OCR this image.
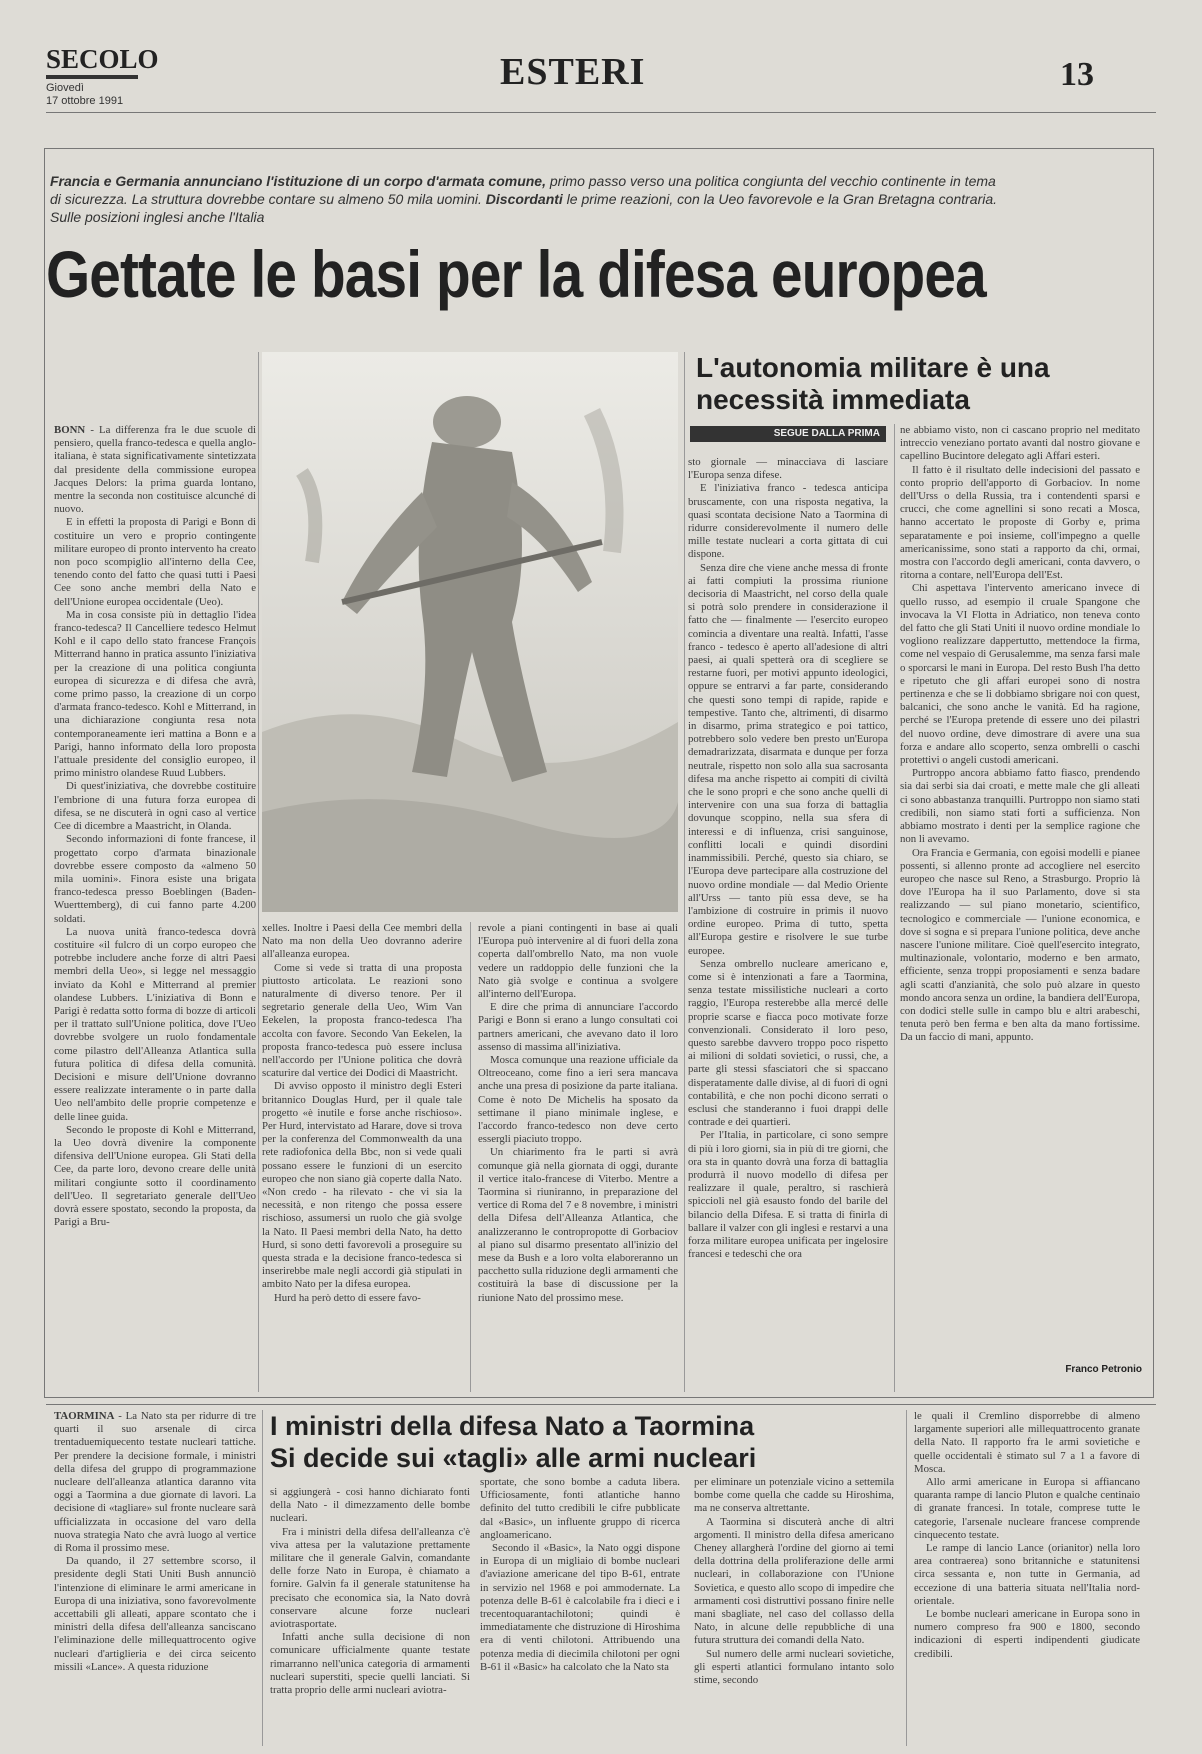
SECOLO
Giovedì
17 ottobre 1991
ESTERI	13
Francia e Germania annunciano l'istituzione di un corpo d'armata comune, primo passo verso una politica congiunta del vecchio continente in tema di sicurezza. La struttura dovrebbe contare su almeno 50 mila uomini. Discordanti le prime reazioni, con la Ueo favorevole e la Gran Bretagna contraria. Sulle posizioni inglesi anche l'Italia
Gettate le basi per la difesa europea

BONN - La differenza fra le due scuole di pensiero, quella franco-tedesca e quella anglo-italiana, è stata significativamente sintetizzata dal presidente della commissione europea Jacques Delors: la prima guarda lontano, mentre la seconda non costituisce alcunché di nuovo.

E in effetti la proposta di Parigi e Bonn di costituire un vero e proprio contingente militare europeo di pronto intervento ha creato non poco scompiglio all'interno della Cee, tenendo conto del fatto che quasi tutti i Paesi Cee sono anche membri della Nato e dell'Unione europea occidentale (Ueo).

Ma in cosa consiste più in dettaglio l'idea franco-tedesca? Il Cancelliere tedesco Helmut Kohl e il capo dello stato francese François Mitterrand hanno in pratica assunto l'iniziativa per la creazione di una politica congiunta europea di sicurezza e di difesa che avrà, come primo passo, la creazione di un corpo d'armata franco-tedesco. Kohl e Mitterrand, in una dichiarazione congiunta resa nota contemporaneamente ieri mattina a Bonn e a Parigi, hanno informato della loro proposta l'attuale presidente del consiglio europeo, il primo ministro olandese Ruud Lubbers.

Di quest'iniziativa, che dovrebbe costituire l'embrione di una futura forza europea di difesa, se ne discuterà in ogni caso al vertice Cee di dicembre a Maastricht, in Olanda.

Secondo informazioni di fonte francese, il progettato corpo d'armata binazionale dovrebbe essere composto da «almeno 50 mila uomini». Finora esiste una brigata franco-tedesca presso Boeblingen (Baden-Wuerttemberg), di cui fanno parte 4.200 soldati.

La nuova unità franco-tedesca dovrà costituire «il fulcro di un corpo europeo che potrebbe includere anche forze di altri Paesi membri della Ueo», si legge nel messaggio inviato da Kohl e Mitterrand al premier olandese Lubbers. L'iniziativa di Bonn e Parigi è redatta sotto forma di bozze di articoli per il trattato sull'Unione politica, dove l'Ueo dovrebbe svolgere un ruolo fondamentale come pilastro dell'Alleanza Atlantica sulla futura politica di difesa della comunità. Decisioni e misure dell'Unione dovranno essere realizzate interamente o in parte dalla Ueo nell'ambito delle proprie competenze e delle linee guida.

Secondo le proposte di Kohl e Mitterrand, la Ueo dovrà divenire la componente difensiva dell'Unione europea. Gli Stati della Cee, da parte loro, devono creare delle unità militari congiunte sotto il coordinamento dell'Ueo. Il segretariato generale dell'Ueo dovrà essere spostato, secondo la proposta, da Parigi a Bru-

xelles. Inoltre i Paesi della Cee membri della Nato ma non della Ueo dovranno aderire all'alleanza europea.

Come si vede si tratta di una proposta piuttosto articolata. Le reazioni sono naturalmente di diverso tenore. Per il segretario generale della Ueo, Wim Van Eekelen, la proposta franco-tedesca l'ha accolta con favore. Secondo Van Eekelen, la proposta franco-tedesca può essere inclusa nell'accordo per l'Unione politica che dovrà scaturire dal vertice dei Dodici di Maastricht.

Di avviso opposto il ministro degli Esteri britannico Douglas Hurd, per il quale tale progetto «è inutile e forse anche rischioso». Per Hurd, intervistato ad Harare, dove si trova per la conferenza del Commonwealth da una rete radiofonica della Bbc, non si vede quali possano essere le funzioni di un esercito europeo che non siano già coperte dalla Nato. «Non credo - ha rilevato - che vi sia la necessità, e non ritengo che possa essere rischioso, assumersi un ruolo che già svolge la Nato. Il Paesi membri della Nato, ha detto Hurd, si sono detti favorevoli a proseguire su questa strada e la decisione franco-tedesca si inserirebbe male negli accordi già stipulati in ambito Nato per la difesa europea.

Hurd ha però detto di essere favo-

revole a piani contingenti in base ai quali l'Europa può intervenire al di fuori della zona coperta dall'ombrello Nato, ma non vuole vedere un raddoppio delle funzioni che la Nato già svolge e continua a svolgere all'interno dell'Europa.

E dire che prima di annunciare l'accordo Parigi e Bonn si erano a lungo consultati coi partners americani, che avevano dato il loro assenso di massima all'iniziativa.

Mosca comunque una reazione ufficiale da Oltreoceano, come fino a ieri sera mancava anche una presa di posizione da parte italiana. Come è noto De Michelis ha sposato da settimane il piano minimale inglese, e l'accordo franco-tedesco non deve certo essergli piaciuto troppo.

Un chiarimento fra le parti si avrà comunque già nella giornata di oggi, durante il vertice italo-francese di Viterbo. Mentre a Taormina si riuniranno, in preparazione del vertice di Roma del 7 e 8 novembre, i ministri della Difesa dell'Alleanza Atlantica, che analizzeranno le contropropotte di Gorbaciov al piano sul disarmo presentato all'inizio del mese da Bush e a loro volta elaboreranno un pacchetto sulla riduzione degli armamenti che costituirà la base di discussione per la riunione Nato del prossimo mese.

L'autonomia militare è una necessità immediata
SEGUE DALLA PRIMA

sto giornale — minacciava di lasciare l'Europa senza difese.

E l'iniziativa franco - tedesca anticipa bruscamente, con una risposta negativa, la quasi scontata decisione Nato a Taormina di ridurre considerevolmente il numero delle mille testate nucleari a corta gittata di cui dispone.

Senza dire che viene anche messa di fronte ai fatti compiuti la prossima riunione decisoria di Maastricht, nel corso della quale si potrà solo prendere in considerazione il fatto che — finalmente — l'esercito europeo comincia a diventare una realtà. Infatti, l'asse franco - tedesco è aperto all'adesione di altri paesi, ai quali spetterà ora di scegliere se restarne fuori, per motivi appunto ideologici, oppure se entrarvi a far parte, considerando che questi sono tempi di rapide, rapide e tempestive. Tanto che, altrimenti, di disarmo in disarmo, prima strategico e poi tattico, potrebbero solo vedere ben presto un'Europa demadrarizzata, disarmata e dunque per forza neutrale, rispetto non solo alla sua sacrosanta difesa ma anche rispetto ai compiti di civiltà che le sono propri e che sono anche quelli di intervenire con una sua forza di battaglia dovunque scoppino, nella sua sfera di interessi e di influenza, crisi sanguinose, conflitti locali e quindi disordini inammissibili. Perché, questo sia chiaro, se l'Europa deve partecipare alla costruzione del nuovo ordine mondiale — dal Medio Oriente all'Urss — tanto più essa deve, se ha l'ambizione di costruire in primis il nuovo ordine europeo. Prima di tutto, spetta all'Europa gestire e risolvere le sue turbe europee.

Senza ombrello nucleare americano e, come si è intenzionati a fare a Taormina, senza testate missilistiche nucleari a corto raggio, l'Europa resterebbe alla mercé delle proprie scarse e fiacca poco motivate forze convenzionali. Considerato il loro peso, questo sarebbe davvero troppo poco rispetto ai milioni di soldati sovietici, o russi, che, a parte gli stessi sfasciatori che si spaccano disperatamente dalle divise, al di fuori di ogni contabilità, e che non pochi dicono serrati o esclusi che standeranno i fuoi drappi delle contrade e dei quartieri.

Per l'Italia, in particolare, ci sono sempre di più i loro giorni, sia in più di tre giorni, che ora sta in quanto dovrà una forza di battaglia produrrà il nuovo modello di difesa per realizzare il quale, peraltro, si raschierà spiccioli nel già esausto fondo del barile del bilancio della Difesa. E si tratta di finirla di ballare il valzer con gli inglesi e restarvi a una forza militare europea unificata per ingelosire francesi e tedeschi che ora

ne abbiamo visto, non ci cascano proprio nel meditato intreccio veneziano portato avanti dal nostro giovane e capellino Bucintore delegato agli Affari esteri.

Il fatto è il risultato delle indecisioni del passato e conto proprio dell'apporto di Gorbaciov. In nome dell'Urss o della Russia, tra i contendenti sparsi e crucci, che come agnellini si sono recati a Mosca, hanno accertato le proposte di Gorby e, prima separatamente e poi insieme, coll'impegno a quelle americanissime, sono stati a rapporto da chi, ormai, mostra con l'accordo degli americani, conta davvero, o ritorna a contare, nell'Europa dell'Est.

Chi aspettava l'intervento americano invece di quello russo, ad esempio il cruale Spangone che invocava la VI Flotta in Adriatico, non teneva conto del fatto che gli Stati Uniti il nuovo ordine mondiale lo vogliono realizzare dappertutto, mettendoce la firma, come nel vespaio di Gerusalemme, ma senza farsi male o sporcarsi le mani in Europa. Del resto Bush l'ha detto e ripetuto che gli affari europei sono di nostra pertinenza e che se li dobbiamo sbrigare noi con quest, balcanici, che sono anche le vanità. Ed ha ragione, perché se l'Europa pretende di essere uno dei pilastri del nuovo ordine, deve dimostrare di avere una sua forza e andare allo scoperto, senza ombrelli o caschi protettivi o angeli custodi americani.

Purtroppo ancora abbiamo fatto fiasco, prendendo sia dai serbi sia dai croati, e mette male che gli alleati ci sono abbastanza tranquilli. Purtroppo non siamo stati credibili, non siamo stati forti a sufficienza. Non abbiamo mostrato i denti per la semplice ragione che non li avevamo.

Ora Francia e Germania, con egoisi modelli e pianee possenti, si allenno pronte ad accogliere nel esercito europeo che nasce sul Reno, a Strasburgo. Proprio là dove l'Europa ha il suo Parlamento, dove si sta realizzando — sul piano monetario, scientifico, tecnologico e commerciale — l'unione economica, e dove si sogna e si prepara l'unione politica, deve anche nascere l'unione militare. Cioè quell'esercito integrato, multinazionale, volontario, moderno e ben armato, efficiente, senza troppi proposiamenti e senza badare agli scatti d'anzianità, che solo può alzare in questo mondo ancora senza un ordine, la bandiera dell'Europa, con dodici stelle sulle in campo blu e altri arabeschi, tenuta però ben ferma e ben alta da mano fortissime. Da un faccio di mani, appunto.

Franco Petronio

TAORMINA - La Nato sta per ridurre di tre quarti il suo arsenale di circa trentaduemiquecento testate nucleari tattiche. Per prendere la decisione formale, i ministri della difesa del gruppo di programmazione nucleare dell'alleanza atlantica daranno vita oggi a Taormina a due giornate di lavori. La decisione di «tagliare» sul fronte nucleare sarà ufficializzata in occasione del varo della nuova strategia Nato che avrà luogo al vertice di Roma il prossimo mese.

Da quando, il 27 settembre scorso, il presidente degli Stati Uniti Bush annunciò l'intenzione di eliminare le armi americane in Europa di una iniziativa, sono favorevolmente accettabili gli alleati, appare scontato che i ministri della difesa dell'alleanza sanciscano l'eliminazione delle millequattrocento ogive nucleari d'artiglieria e dei circa seicento missili «Lance». A questa riduzione

I ministri della difesa Nato a Taormina
Si decide sui «tagli» alle armi nucleari

si aggiungerà - così hanno dichiarato fonti della Nato - il dimezzamento delle bombe nucleari.

Fra i ministri della difesa dell'alleanza c'è viva attesa per la valutazione prettamente militare che il generale Galvin, comandante delle forze Nato in Europa, è chiamato a fornire. Galvin fa il generale statunitense ha precisato che economica sia, la Nato dovrà conservare alcune forze nucleari aviotrasportate.

Infatti anche sulla decisione di non comunicare ufficialmente quante testate rimarranno nell'unica categoria di armamenti nucleari superstiti, specie quelli lanciati. Si tratta proprio delle armi nucleari aviotra-

sportate, che sono bombe a caduta libera. Ufficiosamente, fonti atlantiche hanno definito del tutto credibili le cifre pubblicate dal «Basic», un influente gruppo di ricerca angloamericano.

Secondo il «Basic», la Nato oggi dispone in Europa di un migliaio di bombe nucleari d'aviazione americane del tipo B-61, entrate in servizio nel 1968 e poi ammodernate. La potenza delle B-61 è calcolabile fra i dieci e i trecentoquarantachilotoni; quindi è immediatamente che distruzione di Hiroshima era di venti chilotoni. Attribuendo una potenza media di diecimila chilotoni per ogni B-61 il «Basic» ha calcolato che la Nato sta

per eliminare un potenziale vicino a settemila bombe come quella che cadde su Hiroshima, ma ne conserva altrettante.

A Taormina si discuterà anche di altri argomenti. Il ministro della difesa americano Cheney allargherà l'ordine del giorno ai temi della dottrina della proliferazione delle armi nucleari, in collaborazione con l'Unione Sovietica, e questo allo scopo di impedire che armamenti così distruttivi possano finire nelle mani sbagliate, nel caso del collasso della Nato, in alcune delle repubbliche di una futura struttura dei comandi della Nato.

Sul numero delle armi nucleari sovietiche, gli esperti atlantici formulano intanto solo stime, secondo

le quali il Cremlino disporrebbe di almeno largamente superiori alle millequattrocento granate della Nato. Il rapporto fra le armi sovietiche e quelle occidentali è stimato sul 7 a 1 a favore di Mosca.

Allo armi americane in Europa si affiancano quaranta rampe di lancio Pluton e qualche centinaio di granate francesi. In totale, comprese tutte le categorie, l'arsenale nucleare francese comprende cinquecento testate.

Le rampe di lancio Lance (orianitor) nella loro area contraerea) sono britanniche e statunitensi circa sessanta e, non tutte in Germania, ad eccezione di una batteria situata nell'Italia nord-orientale.

Le bombe nucleari americane in Europa sono in numero compreso fra 900 e 1800, secondo indicazioni di esperti indipendenti giudicate credibili.
